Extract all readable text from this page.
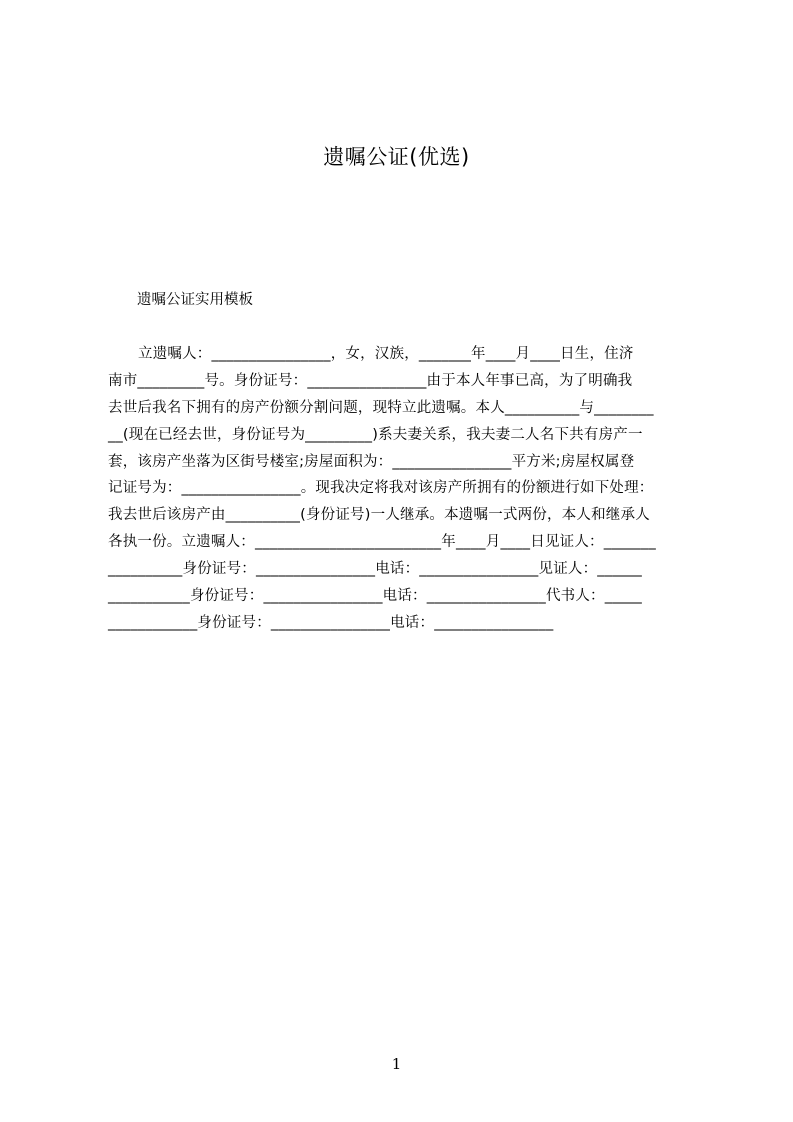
遗嘱公证(优选)
遗嘱公证实用模板
立遗嘱人：________________，女，汉族，_______年____月____日生，住济
南市_________号。身份证号：________________由于本人年事已高，为了明确我
去世后我名下拥有的房产份额分割问题，现特立此遗嘱。本人__________与________
__(现在已经去世，身份证号为_________)系夫妻关系，我夫妻二人名下共有房产一
套，该房产坐落为区街号楼室;房屋面积为：________________平方米;房屋权属登
记证号为：________________。现我决定将我对该房产所拥有的份额进行如下处理：
我去世后该房产由__________(身份证号)一人继承。本遗嘱一式两份，本人和继承人
各执一份。立遗嘱人：_________________________年____月____日见证人：_______
__________身份证号：________________电话：________________见证人：______
___________身份证号：________________电话：________________代书人：_____
____________身份证号：________________电话：________________
1
